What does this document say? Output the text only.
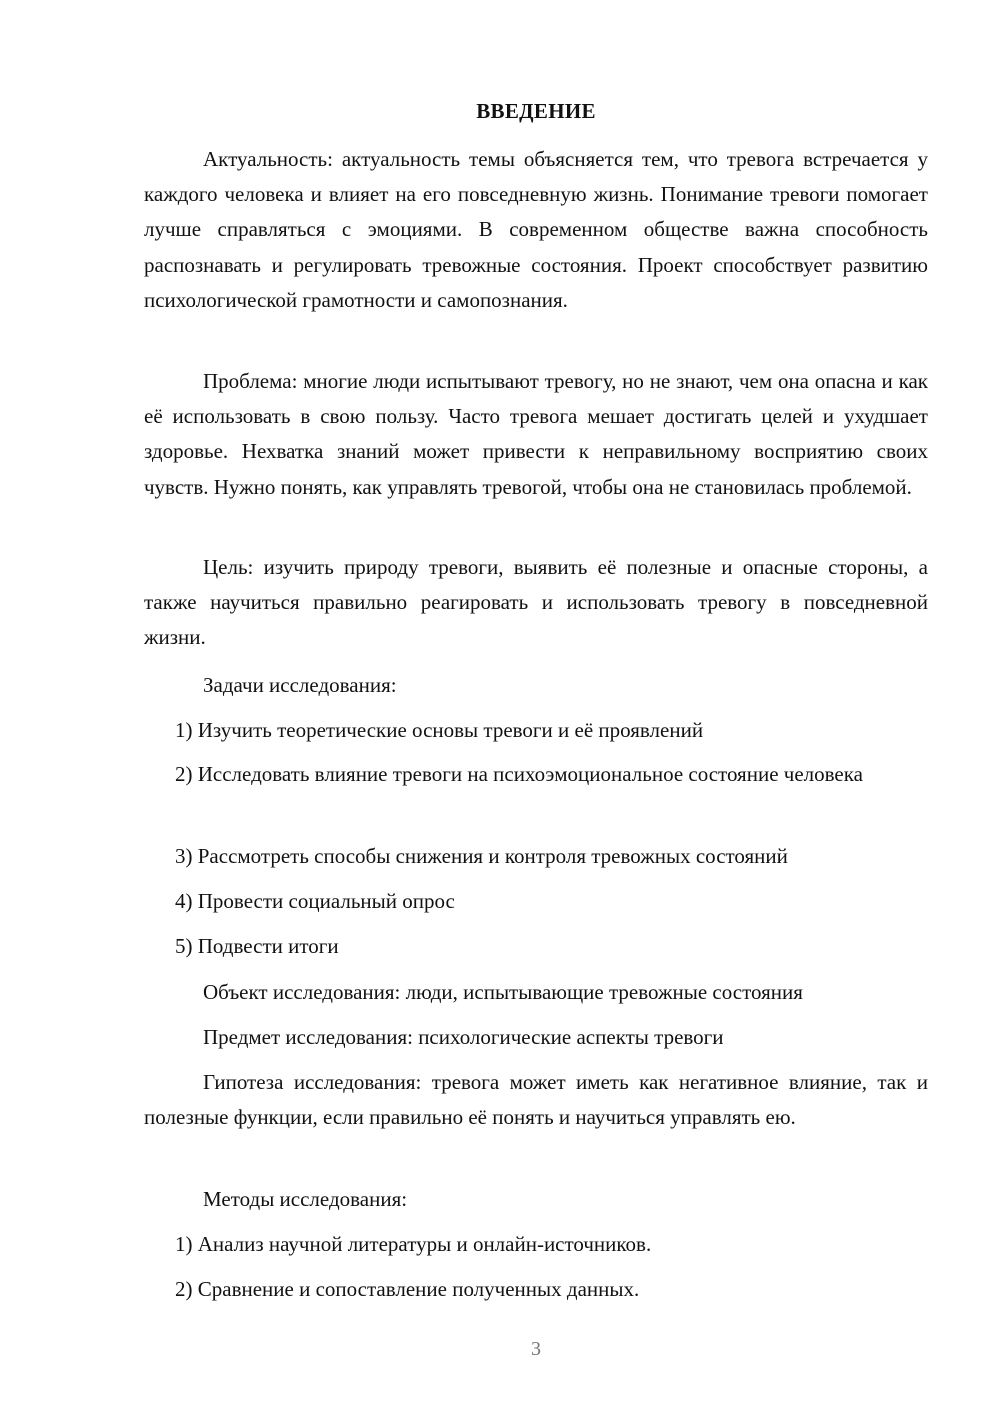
ВВЕДЕНИЕ

Актуальность: актуальность темы объясняется тем, что тревога встречается у каждого человека и влияет на его повседневную жизнь. Понимание тревоги помогает лучше справляться с эмоциями. В современном обществе важна способность распознавать и регулировать тревожные состояния. Проект способствует развитию психологической грамотности и самопознания.

Проблема: многие люди испытывают тревогу, но не знают, чем она опасна и как её использовать в свою пользу. Часто тревога мешает достигать целей и ухудшает здоровье. Нехватка знаний может привести к неправильному восприятию своих чувств. Нужно понять, как управлять тревогой, чтобы она не становилась проблемой.

Цель: изучить природу тревоги, выявить её полезные и опасные стороны, а также научиться правильно реагировать и использовать тревогу в повседневной жизни.

Задачи исследования:

1) Изучить теоретические основы тревоги и её проявлений

2) Исследовать влияние тревоги на психоэмоциональное состояние человека

3) Рассмотреть способы снижения и контроля тревожных состояний

4) Провести социальный опрос

5) Подвести итоги

Объект исследования: люди, испытывающие тревожные состояния

Предмет исследования: психологические аспекты тревоги

Гипотеза исследования: тревога может иметь как негативное влияние, так и полезные функции, если правильно её понять и научиться управлять ею.

Методы исследования:

1) Анализ научной литературы и онлайн-источников.

2) Сравнение и сопоставление полученных данных.

3
